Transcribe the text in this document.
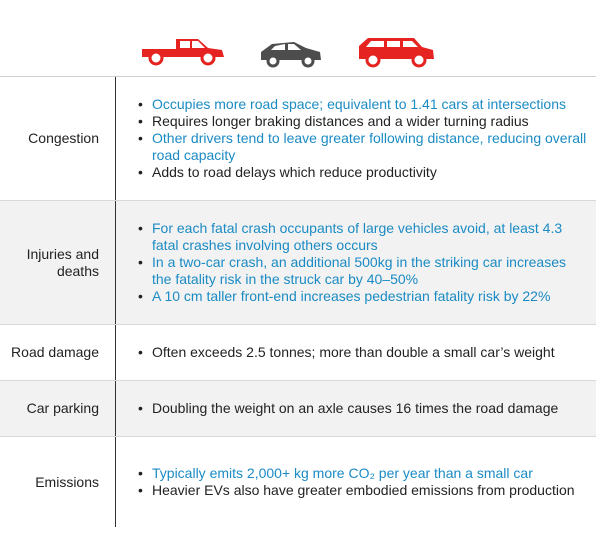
Congestion
• Occupies more road space; equivalent to 1.41 cars at intersections
• Requires longer braking distances and a wider turning radius
• Other drivers tend to leave greater following distance, reducing overall road capacity
• Adds to road delays which reduce productivity
Injuries and deaths
• For each fatal crash occupants of large vehicles avoid, at least 4.3 fatal crashes involving others occurs
• In a two-car crash, an additional 500kg in the striking car increases the fatality risk in the struck car by 40–50%
• A 10 cm taller front-end increases pedestrian fatality risk by 22%
Road damage	• Often exceeds 2.5 tonnes; more than double a small car’s weight
Car parking	• Doubling the weight on an axle causes 16 times the road damage
Emissions
• Typically emits 2,000+ kg more CO₂ per year than a small car
• Heavier EVs also have greater embodied emissions from production
